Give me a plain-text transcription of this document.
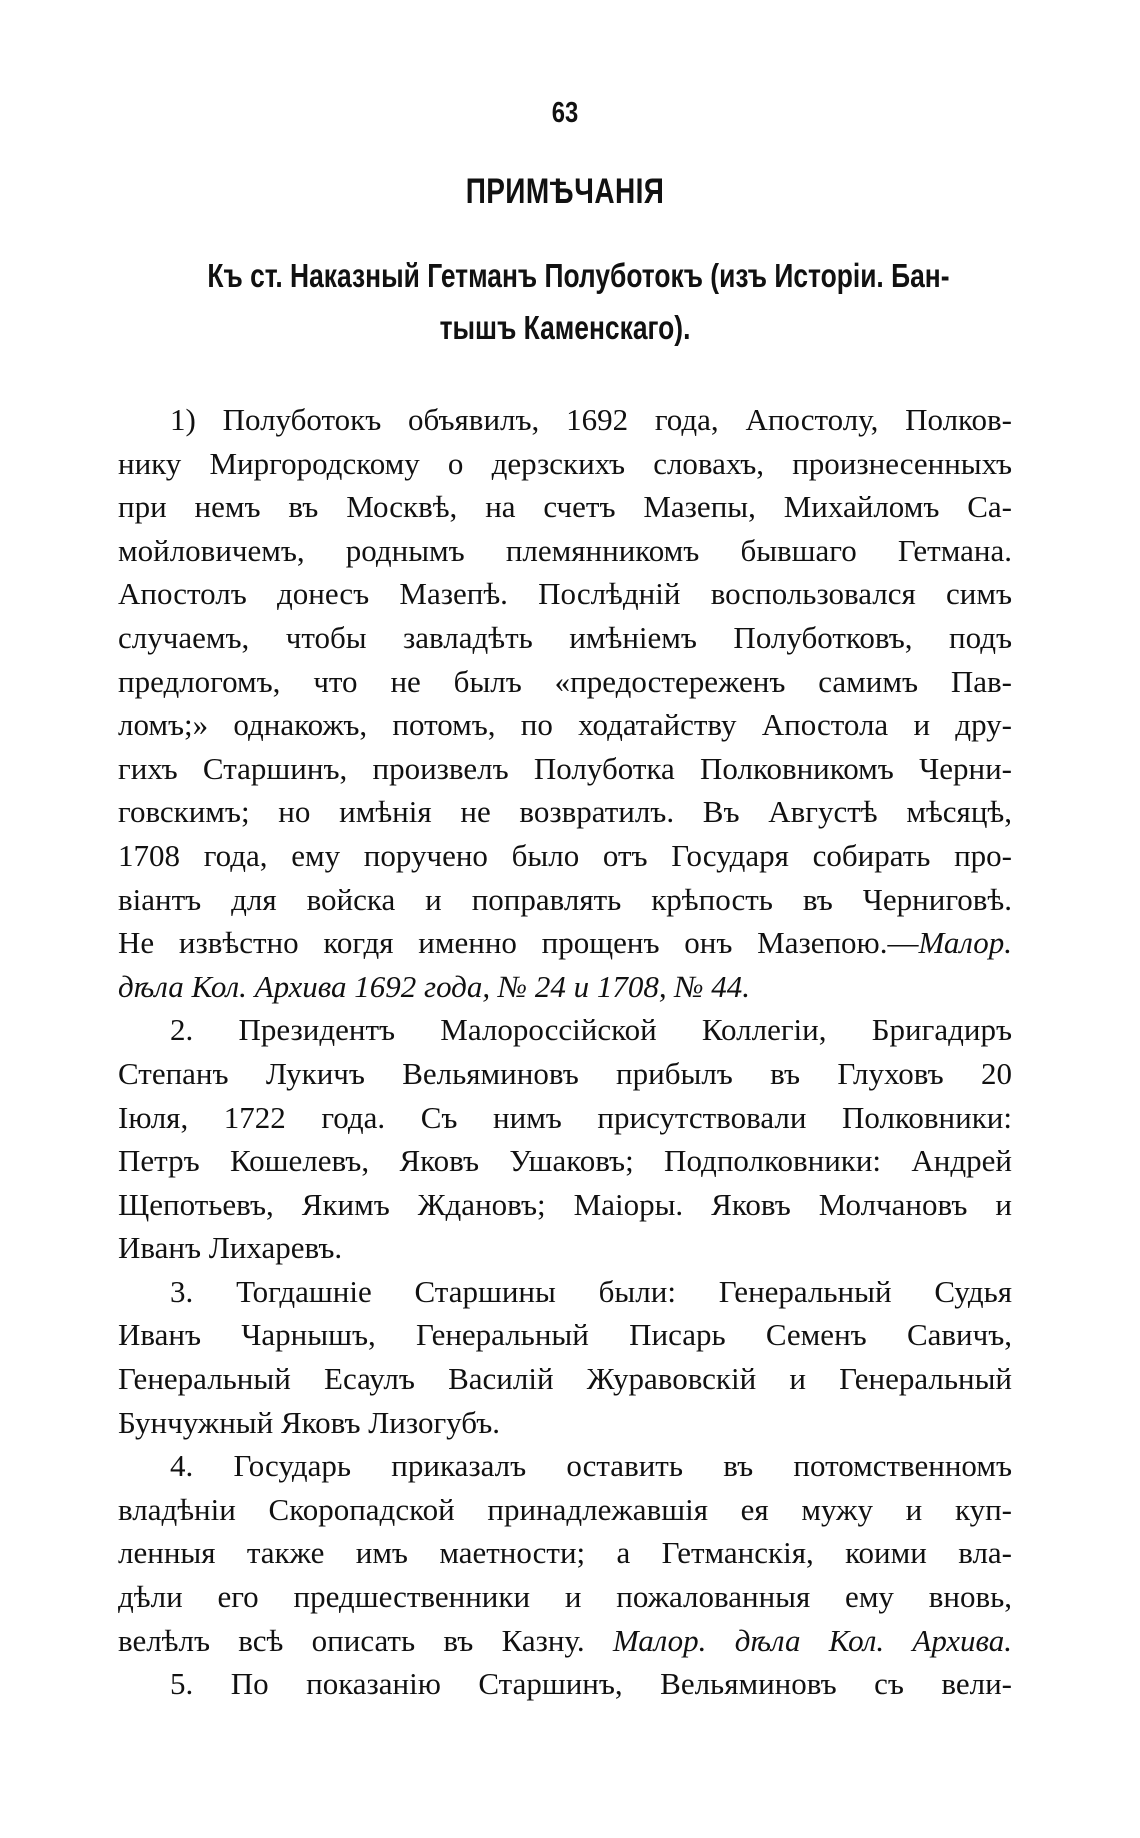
63
ПРИМѢЧАНІЯ
Къ ст. Наказный Гетманъ Полуботокъ (изъ Исторіи. Бан-
тышъ Каменскаго).
1) Полуботокъ объявилъ, 1692 года, Апостолу, Полков-
нику Миргородскому о дерзскихъ словахъ, произнесенныхъ
при немъ въ Москвѣ, на счетъ Мазепы, Михайломъ Са-
мойловичемъ, роднымъ племянникомъ бывшаго Гетмана.
Апостолъ донесъ Мазепѣ. Послѣдній воспользовался симъ
случаемъ, чтобы завладѣть имѣніемъ Полуботковъ, подъ
предлогомъ, что не былъ «предостереженъ самимъ Пав-
ломъ;» однакожъ, потомъ, по ходатайству Апостола и дру-
гихъ Старшинъ, произвелъ Полуботка Полковникомъ Черни-
говскимъ; но имѣнія не возвратилъ. Въ Августѣ мѣсяцѣ,
1708 года, ему поручено было отъ Государя собирать про-
віантъ для войска и поправлять крѣпость въ Черниговѣ.
Не извѣстно когдя именно прощенъ онъ Мазепою.—Малор.
дѣла Кол. Архива 1692 года, № 24 и 1708, № 44.
2. Президентъ Малороссійской Коллегіи, Бригадиръ
Степанъ Лукичъ Вельяминовъ прибылъ въ Глуховъ 20
Іюля, 1722 года. Съ нимъ присутствовали Полковники:
Петръ Кошелевъ, Яковъ Ушаковъ; Подполковники: Андрей
Щепотьевъ, Якимъ Ждановъ; Маіоры. Яковъ Молчановъ и
Иванъ Лихаревъ.
3. Тогдашніе Старшины были: Генеральный Судья
Иванъ Чарнышъ, Генеральный Писарь Семенъ Савичъ,
Генеральный Есаулъ Василій Журавовскій и Генеральный
Бунчужный Яковъ Лизогубъ.
4. Государь приказалъ оставить въ потомственномъ
владѣніи Скоропадской принадлежавшія ея мужу и куп-
ленныя также имъ маетности; а Гетманскія, коими вла-
дѣли его предшественники и пожалованныя ему вновь,
велѣлъ всѣ описать въ Казну. Малор. дѣла Кол. Архива.
5. По показанію Старшинъ, Вельяминовъ съ вели-
